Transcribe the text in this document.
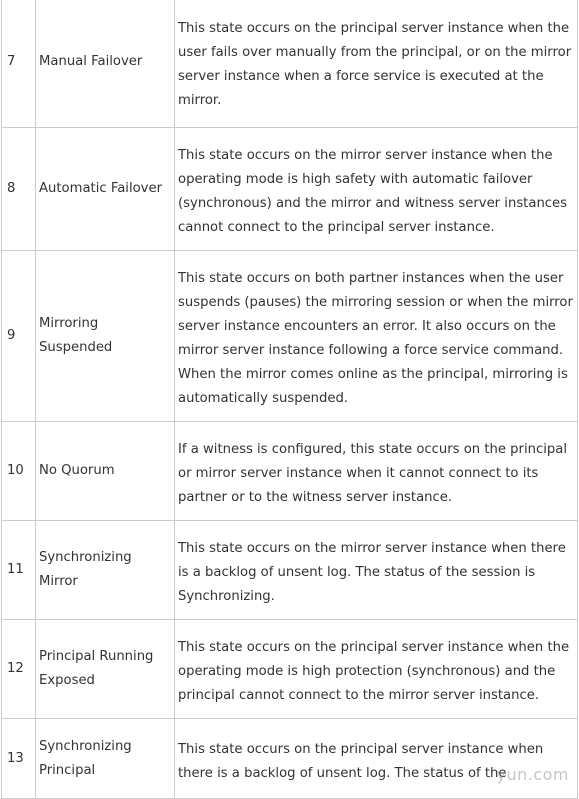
7	Manual Failover	This state occurs on the principal server instance when the user fails over manually from the principal, or on the mirror server instance when a force service is executed at the mirror.

8	Automatic Failover	This state occurs on the mirror server instance when the operating mode is high safety with automatic failover (synchronous) and the mirror and witness server instances cannot connect to the principal server instance.

9	Mirroring Suspended	This state occurs on both partner instances when the user suspends (pauses) the mirroring session or when the mirror server instance encounters an error. It also occurs on the mirror server instance following a force service command. When the mirror comes online as the principal, mirroring is automatically suspended.

10	No Quorum	If a witness is configured, this state occurs on the principal or mirror server instance when it cannot connect to its partner or to the witness server instance.

11	Synchronizing Mirror	This state occurs on the mirror server instance when there is a backlog of unsent log. The status of the session is Synchronizing.

12	Principal Running Exposed	This state occurs on the principal server instance when the operating mode is high protection (synchronous) and the principal cannot connect to the mirror server instance.

13	Synchronizing Principal	This state occurs on the principal server instance when there is a backlog of unsent log. The status of the
yun.com
